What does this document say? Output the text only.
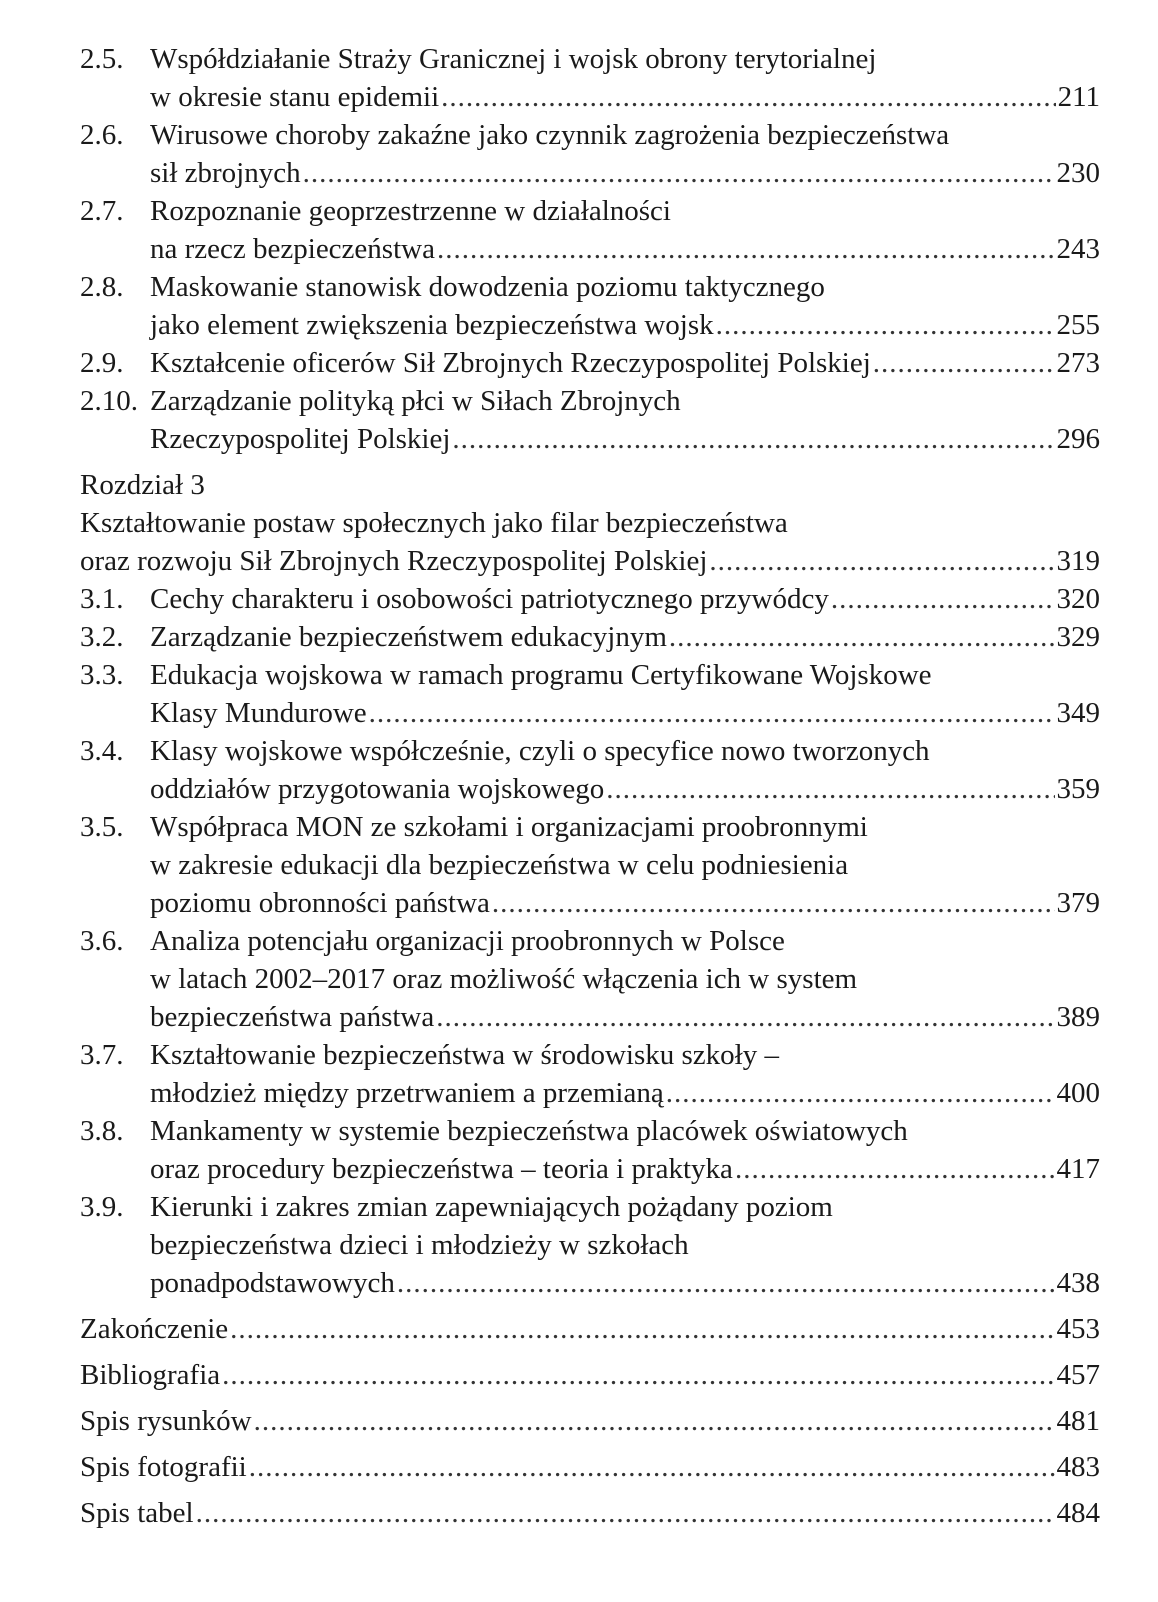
2.5. Współdziałanie Straży Granicznej i wojsk obrony terytorialnej
w okresie stanu epidemii .....	211
2.6. Wirusowe choroby zakaźne jako czynnik zagrożenia bezpieczeństwa
sił zbrojnych .....	230
2.7. Rozpoznanie geoprzestrzenne w działalności
na rzecz bezpieczeństwa .....	243
2.8. Maskowanie stanowisk dowodzenia poziomu taktycznego
jako element zwiększenia bezpieczeństwa wojsk .....	255
2.9. Kształcenie oficerów Sił Zbrojnych Rzeczypospolitej Polskiej .....	273
2.10. Zarządzanie polityką płci w Siłach Zbrojnych
Rzeczypospolitej Polskiej .....	296
Rozdział 3
Kształtowanie postaw społecznych jako filar bezpieczeństwa
oraz rozwoju Sił Zbrojnych Rzeczypospolitej Polskiej .....	319
3.1. Cechy charakteru i osobowości patriotycznego przywódcy .....	320
3.2. Zarządzanie bezpieczeństwem edukacyjnym .....	329
3.3. Edukacja wojskowa w ramach programu Certyfikowane Wojskowe
Klasy Mundurowe .....	349
3.4. Klasy wojskowe współcześnie, czyli o specyfice nowo tworzonych
oddziałów przygotowania wojskowego .....	359
3.5. Współpraca MON ze szkołami i organizacjami proobronnymi
w zakresie edukacji dla bezpieczeństwa w celu podniesienia
poziomu obronności państwa .....	379
3.6. Analiza potencjału organizacji proobronnych w Polsce
w latach 2002–2017 oraz możliwość włączenia ich w system
bezpieczeństwa państwa .....	389
3.7. Kształtowanie bezpieczeństwa w środowisku szkoły –
młodzież między przetrwaniem a przemianą .....	400
3.8. Mankamenty w systemie bezpieczeństwa placówek oświatowych
oraz procedury bezpieczeństwa – teoria i praktyka .....	417
3.9. Kierunki i zakres zmian zapewniających pożądany poziom
bezpieczeństwa dzieci i młodzieży w szkołach
ponadpodstawowych .....	438
Zakończenie .....	453
Bibliografia .....	457
Spis rysunków .....	481
Spis fotografii .....	483
Spis tabel .....	484
